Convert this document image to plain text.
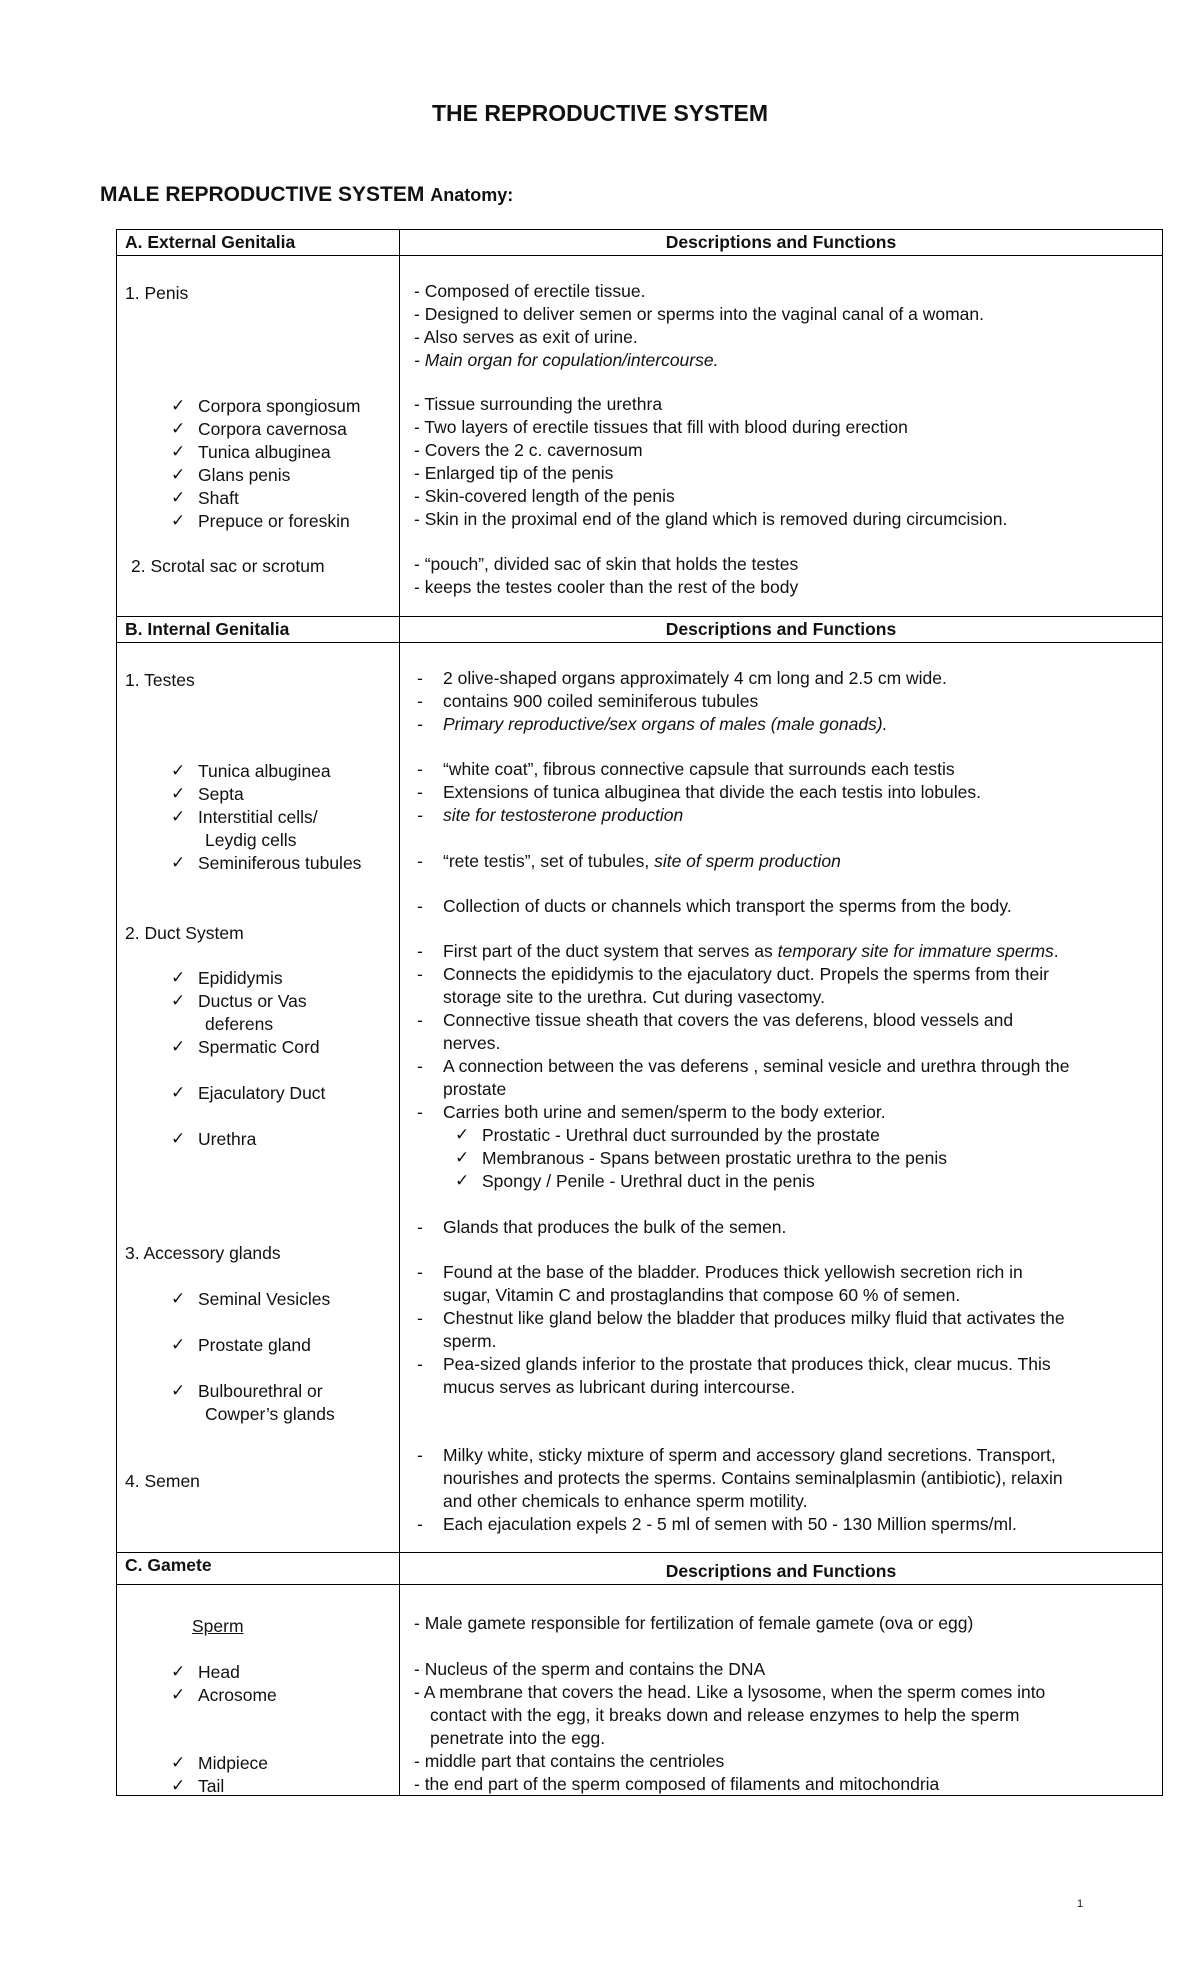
THE REPRODUCTIVE SYSTEM
MALE REPRODUCTIVE SYSTEM Anatomy:
A. External Genitalia	Descriptions and Functions
1. Penis	- Composed of erectile tissue.
- Designed to deliver semen or sperms into the vaginal canal of a woman.
- Also serves as exit of urine.
- Main organ for copulation/intercourse.
✓ Corpora spongiosum
✓ Corpora cavernosa
✓ Tunica albuginea
✓ Glans penis
✓ Shaft
✓ Prepuce or foreskin
- Tissue surrounding the urethra
- Two layers of erectile tissues that fill with blood during erection
- Covers the 2 c. cavernosum
- Enlarged tip of the penis
- Skin-covered length of the penis
- Skin in the proximal end of the gland which is removed during circumcision.
2. Scrotal sac or scrotum	- “pouch”, divided sac of skin that holds the testes
- keeps the testes cooler than the rest of the body
B. Internal Genitalia	Descriptions and Functions
1. Testes
-	2 olive-shaped organs approximately 4 cm long and 2.5 cm wide.
- contains 900 coiled seminiferous tubules
- Primary reproductive/sex organs of males (male gonads).
✓ Tunica albuginea
✓ Septa
✓ Interstitial cells/
Leydig cells
✓ Seminiferous tubules
- “white coat”, fibrous connective capsule that surrounds each testis
- Extensions of tunica albuginea that divide the each testis into lobules.
- site for testosterone production
- “rete testis”, set of tubules, site of sperm production
- Collection of ducts or channels which transport the sperms from the body.
2. Duct System
✓ Epididymis
✓ Ductus or Vas
deferens
✓ Spermatic Cord
✓ Ejaculatory Duct
✓ Urethra
- First part of the duct system that serves as temporary site for immature sperms.
- Connects the epididymis to the ejaculatory duct. Propels the sperms from their
storage site to the urethra. Cut during vasectomy.
- Connective tissue sheath that covers the vas deferens, blood vessels and
nerves.
- A connection between the vas deferens , seminal vesicle and urethra through the
prostate
- Carries both urine and semen/sperm to the body exterior.
✓ Prostatic - Urethral duct surrounded by the prostate
✓ Membranous - Spans between prostatic urethra to the penis
✓ Spongy / Penile - Urethral duct in the penis
- Glands that produces the bulk of the semen.
3. Accessory glands
✓ Seminal Vesicles
✓ Prostate gland
✓ Bulbourethral or
Cowper’s glands
- Found at the base of the bladder. Produces thick yellowish secretion rich in
sugar, Vitamin C and prostaglandins that compose 60 % of semen.
- Chestnut like gland below the bladder that produces milky fluid that activates the
sperm.
- Pea-sized glands inferior to the prostate that produces thick, clear mucus. This
mucus serves as lubricant during intercourse.
4. Semen
- Milky white, sticky mixture of sperm and accessory gland secretions. Transport,
nourishes and protects the sperms. Contains seminalplasmin (antibiotic), relaxin
and other chemicals to enhance sperm motility.
- Each ejaculation expels 2 - 5 ml of semen with 50 - 130 Million sperms/ml.
C. Gamete	Descriptions and Functions
Sperm	- Male gamete responsible for fertilization of female gamete (ova or egg)
✓ Head
✓ Acrosome
✓ Midpiece
✓ Tail
- Nucleus of the sperm and contains the DNA
- A membrane that covers the head. Like a lysosome, when the sperm comes into
contact with the egg, it breaks down and release enzymes to help the sperm
penetrate into the egg.
- middle part that contains the centrioles
- the end part of the sperm composed of filaments and mitochondria
1
